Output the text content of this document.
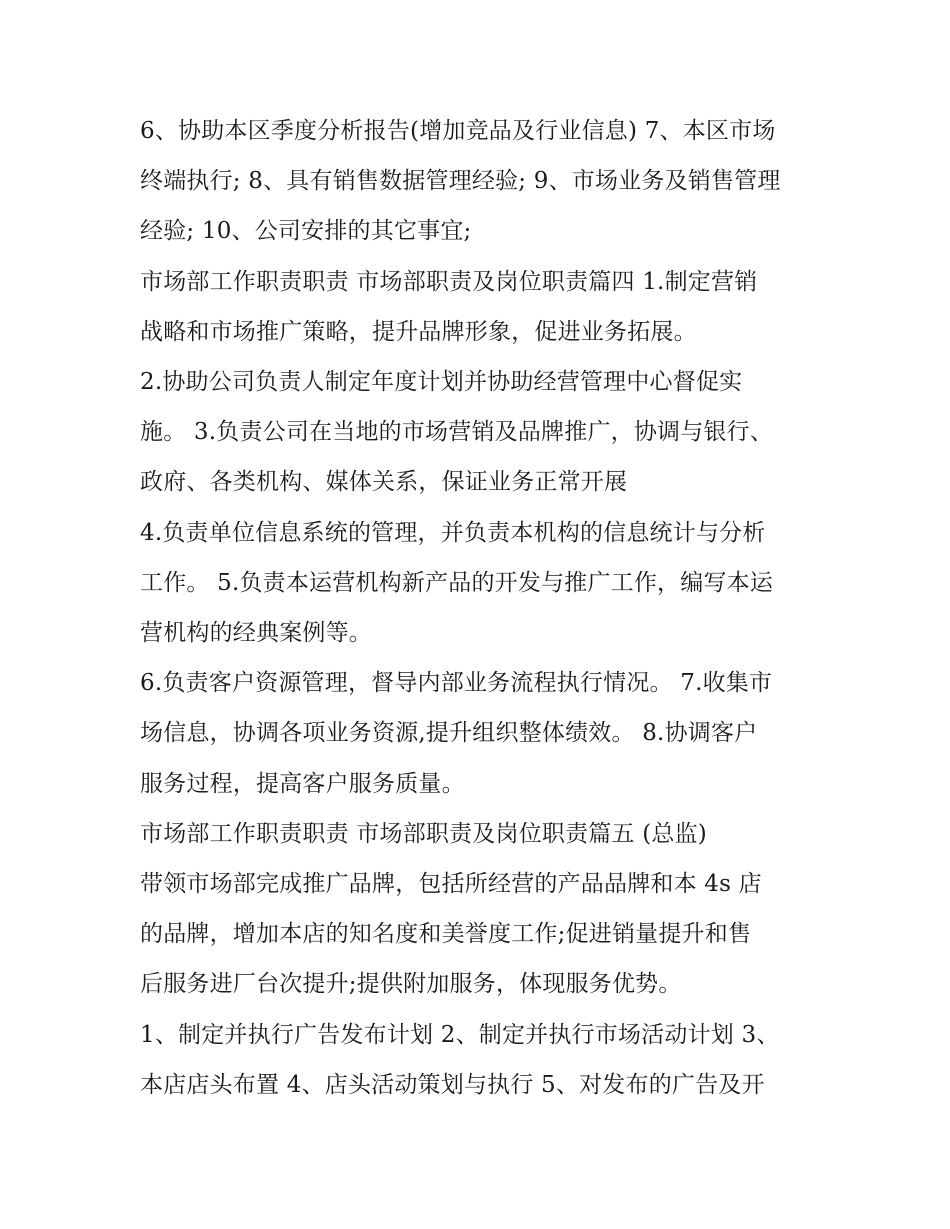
6、协助本区季度分析报告(增加竞品及行业信息) 7、本区市场
终端执行; 8、具有销售数据管理经验; 9、市场业务及销售管理
经验; 10、公司安排的其它事宜;
市场部工作职责职责 市场部职责及岗位职责篇四 1.制定营销
战略和市场推广策略，提升品牌形象，促进业务拓展。
2.协助公司负责人制定年度计划并协助经营管理中心督促实
施。 3.负责公司在当地的市场营销及品牌推广，协调与银行、
政府、各类机构、媒体关系，保证业务正常开展
4.负责单位信息系统的管理，并负责本机构的信息统计与分析
工作。 5.负责本运营机构新产品的开发与推广工作，编写本运
营机构的经典案例等。
6.负责客户资源管理，督导内部业务流程执行情况。 7.收集市
场信息，协调各项业务资源,提升组织整体绩效。 8.协调客户
服务过程，提高客户服务质量。
市场部工作职责职责 市场部职责及岗位职责篇五 (总监)
带领市场部完成推广品牌，包括所经营的产品品牌和本 4s 店
的品牌，增加本店的知名度和美誉度工作;促进销量提升和售
后服务进厂台次提升;提供附加服务，体现服务优势。
1、制定并执行广告发布计划 2、制定并执行市场活动计划 3、
本店店头布置 4、店头活动策划与执行 5、对发布的广告及开
